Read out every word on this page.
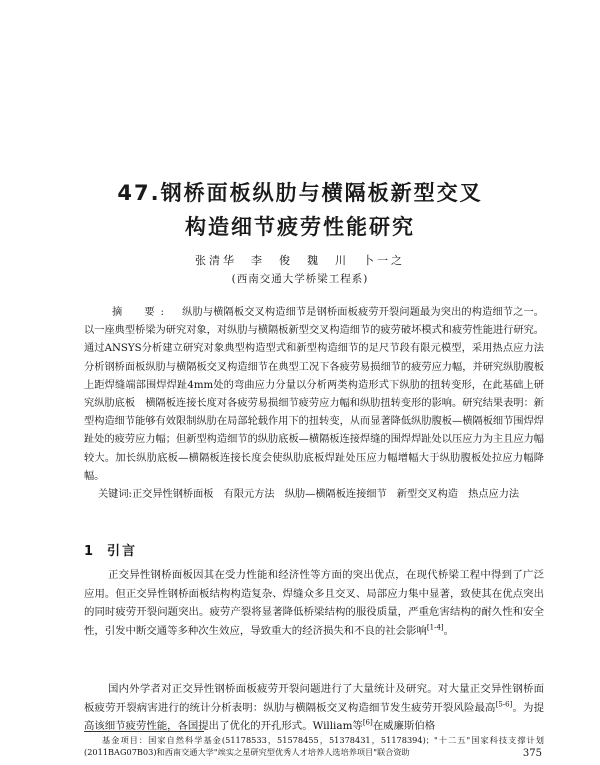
47.钢桥面板纵肋与横隔板新型交叉
构造细节疲劳性能研究
张清华　李　俊　魏　川　卜一之
(西南交通大学桥梁工程系)

摘　要: 纵肋与横隔板交叉构造细节是钢桥面板疲劳开裂问题最为突出的构造细节之一。以一座典型桥梁为研究对象，对纵肋与横隔板新型交叉构造细节的疲劳破坏模式和疲劳性能进行研究。通过ANSYS分析建立研究对象典型构造型式和新型构造细节的足尺节段有限元模型，采用热点应力法分析钢桥面板纵肋与横隔板交叉构造细节在典型工况下各疲劳易损细节的疲劳应力幅，并研究纵肋腹板上距焊缝端部围焊焊趾4mm处的弯曲应力分量以分析两类构造形式下纵肋的扭转变形，在此基础上研究纵肋底板　横隔板连接长度对各疲劳易损细节疲劳应力幅和纵肋扭转变形的影响。研究结果表明：新型构造细节能够有效限制纵肋在局部轮载作用下的扭转变，从而显著降低纵肋腹板—横隔板细节围焊焊趾处的疲劳应力幅；但新型构造细节的纵肋底板—横隔板连接焊缝的围焊焊趾处以压应力为主且应力幅较大。加长纵肋底板—横隔板连接长度会使纵肋底板焊趾处压应力幅增幅大于纵肋腹板处拉应力幅降幅。

关键词:正交异性钢桥面板　有限元方法　纵肋—横隔板连接细节　新型交叉构造　热点应力法

1 引言

正交异性钢桥面板因其在受力性能和经济性等方面的突出优点，在现代桥梁工程中得到了广泛应用。但正交异性钢桥面板结构构造复杂、焊缝众多且交叉、局部应力集中显著，致使其在优点突出的同时疲劳开裂问题突出。疲劳产裂将显著降低桥梁结构的服役质量，严重危害结构的耐久性和安全性，引发中断交通等多种次生效应，导致重大的经济损失和不良的社会影响[1-4]。

国内外学者对正交异性钢桥面板疲劳开裂问题进行了大量统计及研究。对大量正交异性钢桥面板疲劳开裂病害进行的统计分析表明：纵肋与横隔板交叉构造细节发生疲劳开裂风险最高[5-6]。为提高该细节疲劳性能，各国提出了优化的开孔形式。William等[6]在威廉斯伯格

基金项目：国家自然科学基金(51178533，51578455，51378431，51178394)；"十二五"国家科技支撑计划(2011BAG07B03)和西南交通大学"竢实之星研究型优秀人才培养人选培养项目"联合资助	375
